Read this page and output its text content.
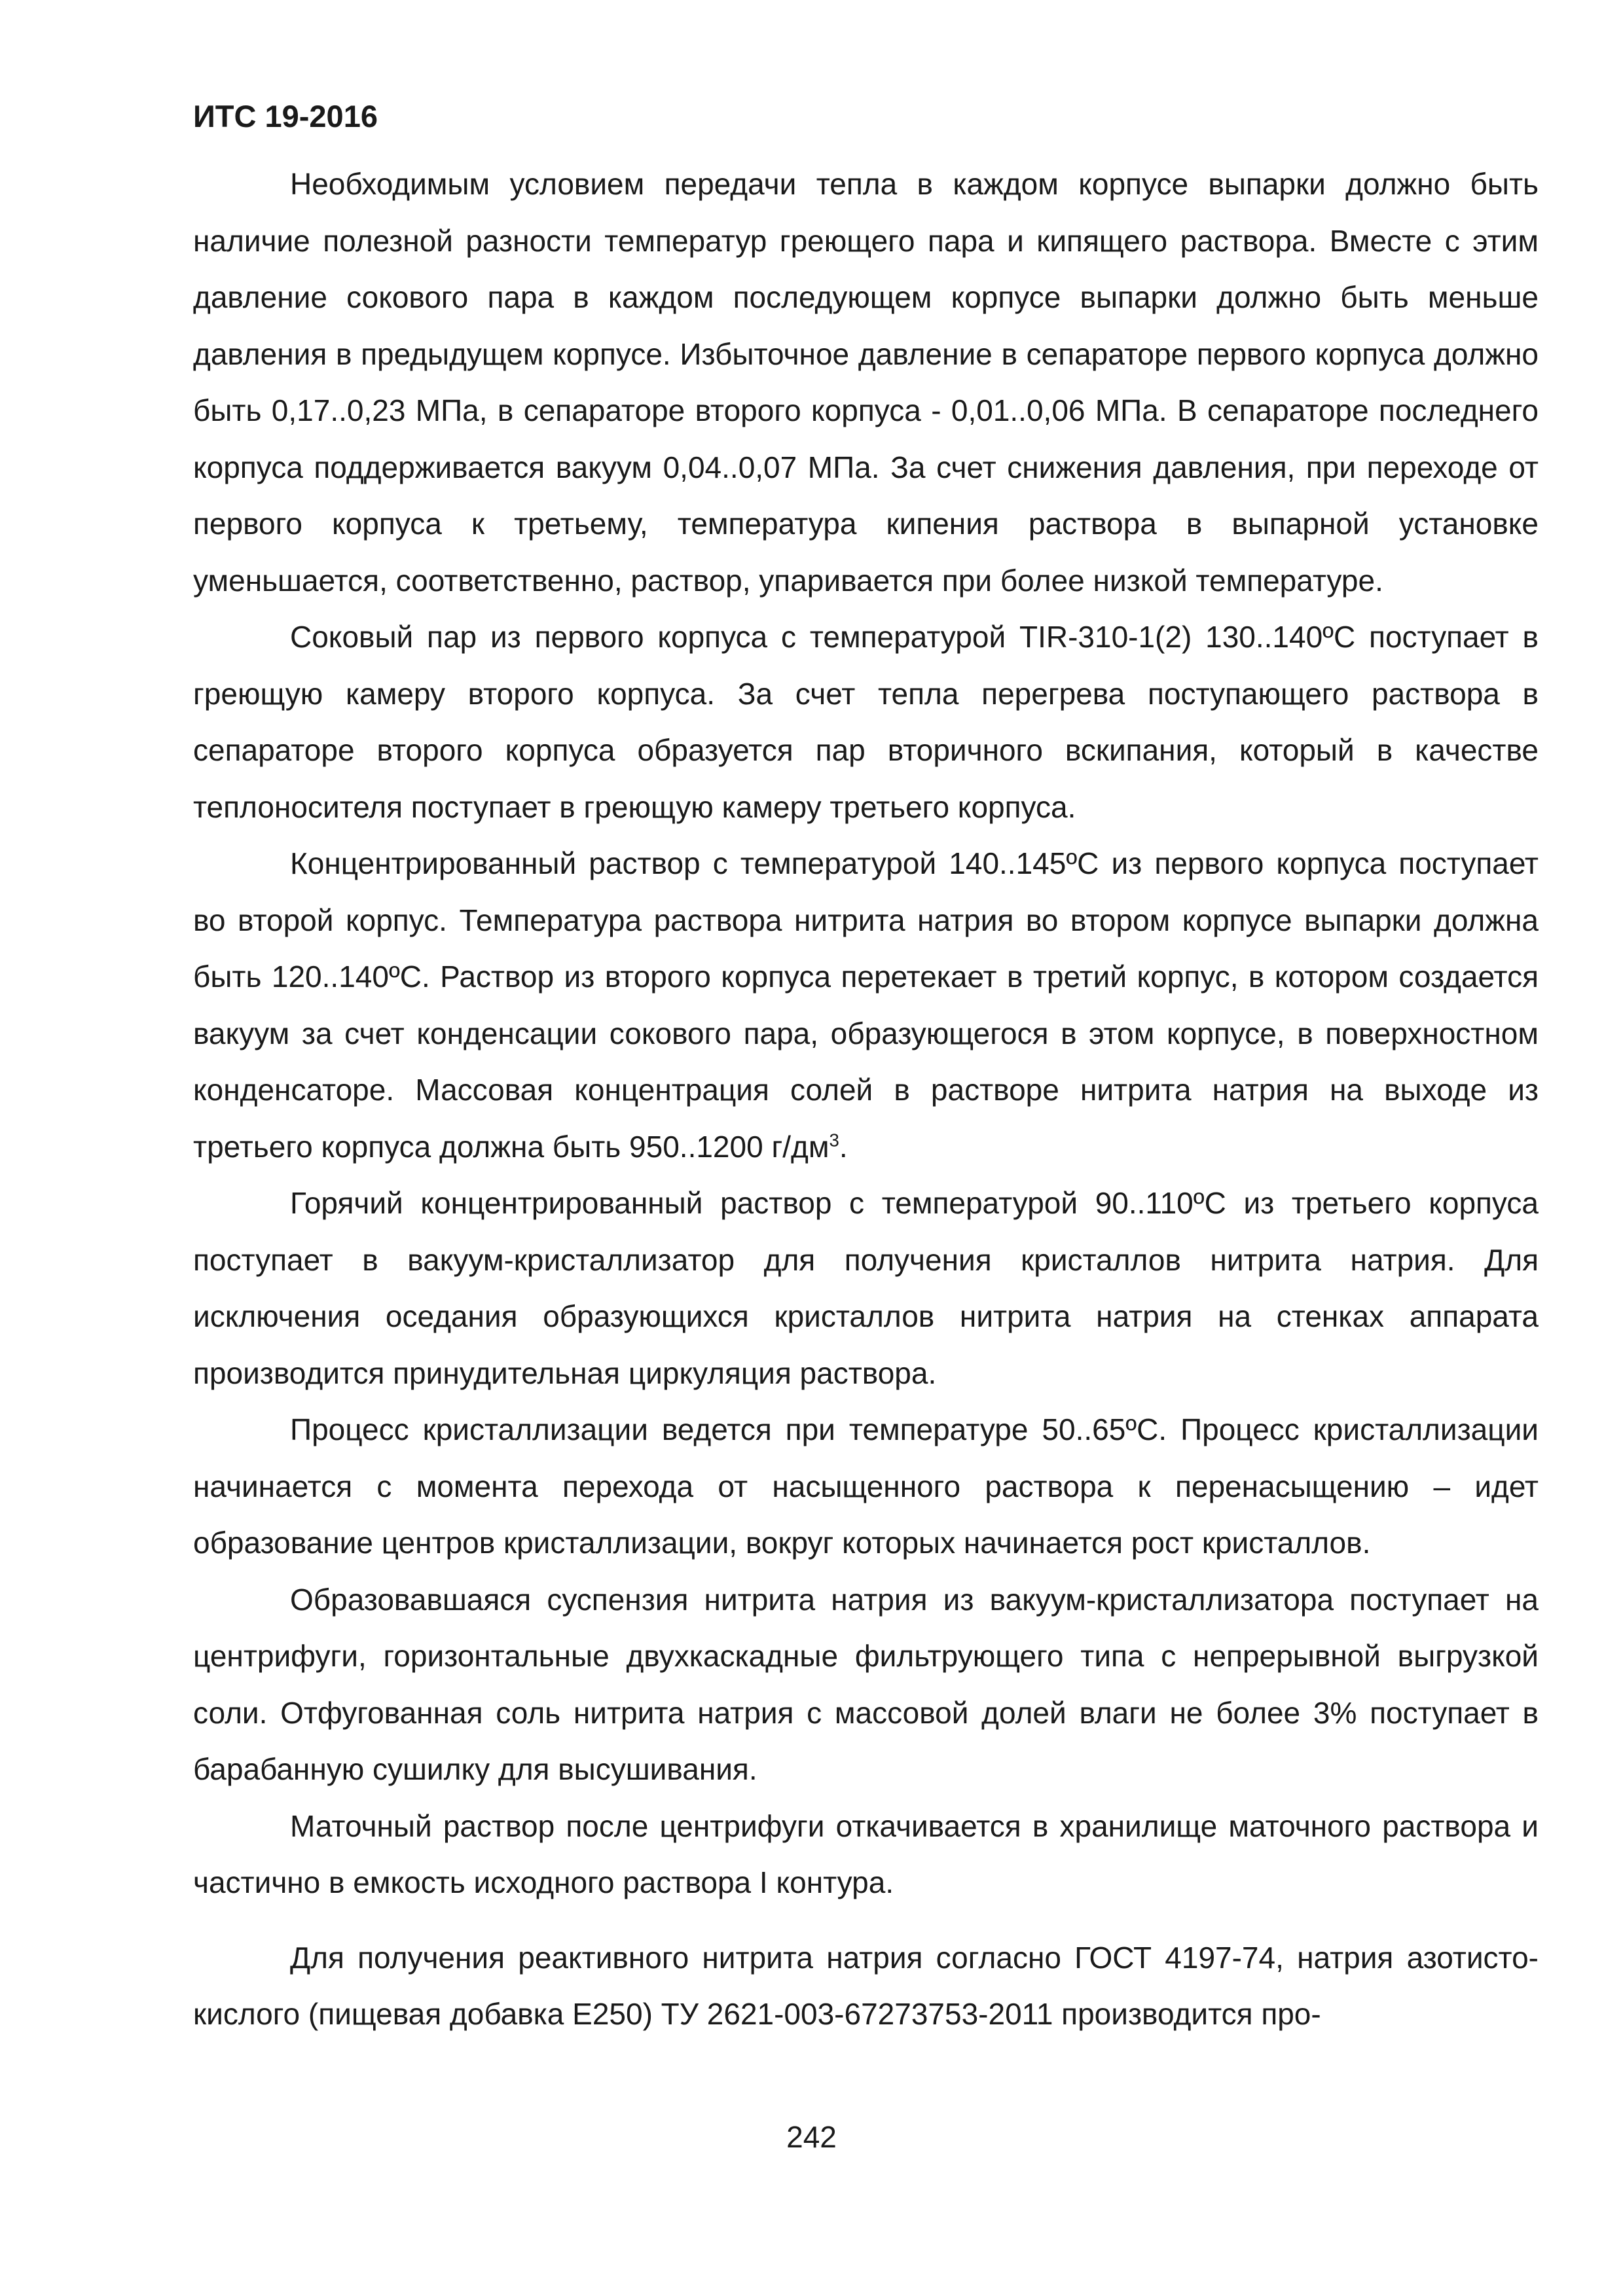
ИТС 19-2016

Необходимым условием передачи тепла в каждом корпусе выпарки должно быть наличие полезной разности температур греющего пара и кипящего раствора. Вместе с этим давление сокового пара в каждом последующем корпусе выпарки должно быть меньше давления в предыдущем корпусе. Избыточное давление в сепараторе первого корпуса должно быть 0,17..0,23 МПа, в сепараторе второго корпуса - 0,01..0,06 МПа. В сепараторе последнего корпуса поддерживается вакуум 0,04..0,07 МПа. За счет снижения давления, при переходе от первого корпуса к третьему, температура кипения раствора в выпарной установке уменьшается, соответственно, раствор, упаривается при более низкой температуре.

Соковый пар из первого корпуса с температурой TIR-310-1(2) 130..140ºС поступает в греющую камеру второго корпуса. За счет тепла перегрева поступающего раствора в сепараторе второго корпуса образуется пар вторичного вскипания, который в качестве теплоносителя поступает в греющую камеру третьего корпуса.

Концентрированный раствор с температурой 140..145ºС из первого корпуса поступает во второй корпус. Температура раствора нитрита натрия во втором корпусе выпарки должна быть 120..140ºС. Раствор из второго корпуса перетекает в третий корпус, в котором создается вакуум за счет конденсации сокового пара, образующегося в этом корпусе, в поверхностном конденсаторе. Массовая концентрация солей в растворе нитрита натрия на выходе из третьего корпуса должна быть 950..1200 $г/дм^3$.

Горячий концентрированный раствор с температурой 90..110ºС из третьего корпуса поступает в вакуум-кристаллизатор для получения кристаллов нитрита натрия. Для исключения оседания образующихся кристаллов нитрита натрия на стенках аппарата производится принудительная циркуляция раствора.

Процесс кристаллизации ведется при температуре 50..65ºС. Процесс кристаллизации начинается с момента перехода от насыщенного раствора к перенасыщению – идет образование центров кристаллизации, вокруг которых начинается рост кристаллов.

Образовавшаяся суспензия нитрита натрия из вакуум-кристаллизатора поступает на центрифуги, горизонтальные двухкаскадные фильтрующего типа с непрерывной выгрузкой соли. Отфугованная соль нитрита натрия с массовой долей влаги не более 3% поступает в барабанную сушилку для высушивания.

Маточный раствор после центрифуги откачивается в хранилище маточного раствора и частично в емкость исходного раствора I контура.

Для получения реактивного нитрита натрия согласно ГОСТ 4197-74, натрия азотисто-кислого (пищевая добавка Е250) ТУ 2621-003-67273753-2011 производится про-

242
